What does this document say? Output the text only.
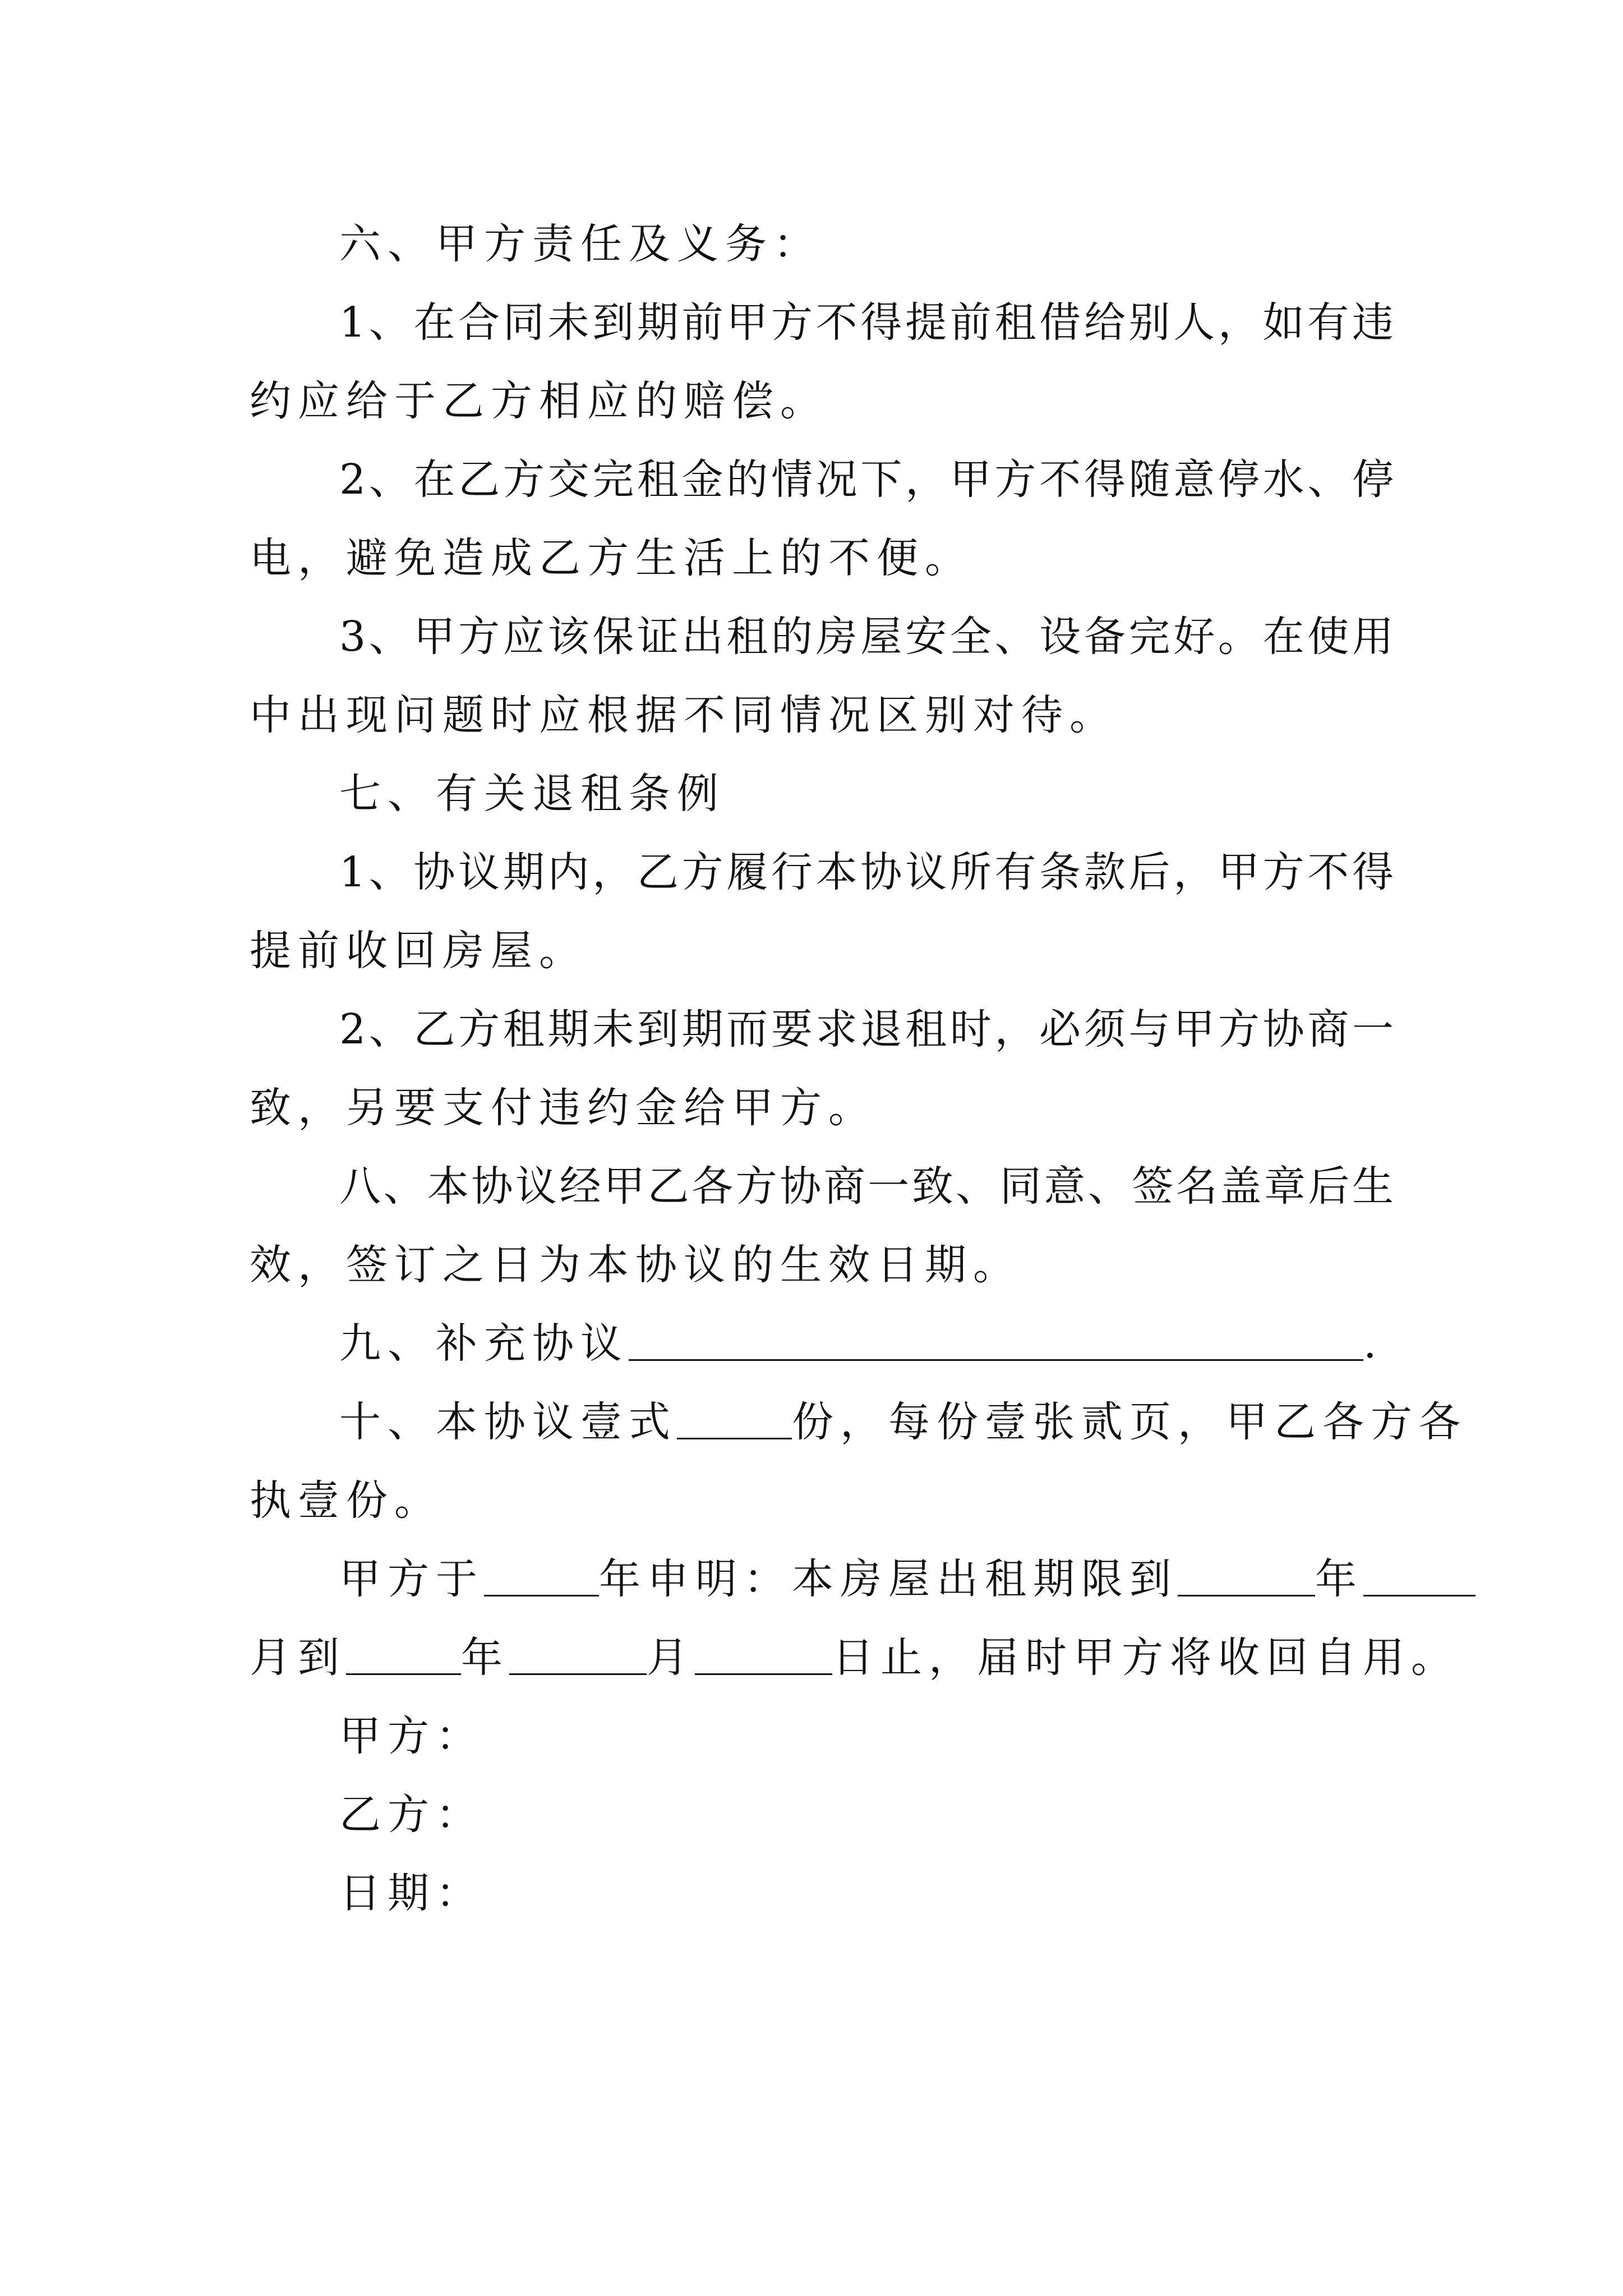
六、甲方责任及义务：
1、在合同未到期前甲方不得提前租借给别人，如有违
约应给于乙方相应的赔偿。
2、在乙方交完租金的情况下，甲方不得随意停水、停
电，避免造成乙方生活上的不便。
3、甲方应该保证出租的房屋安全、设备完好。在使用
中出现问题时应根据不同情况区别对待。
七、有关退租条例
1、协议期内，乙方履行本协议所有条款后，甲方不得
提前收回房屋。
2、乙方租期未到期而要求退租时，必须与甲方协商一
致，另要支付违约金给甲方。
八、本协议经甲乙各方协商一致、同意、签名盖章后生
效，签订之日为本协议的生效日期。
九、补充协议	.
十、本协议壹式	份，每份壹张贰页，甲乙各方各
执壹份。
甲方于	年申明：本房屋出租期限到	年
月到	年	月	日止，届时甲方将收回自用。
甲方：
乙方：
日期：
